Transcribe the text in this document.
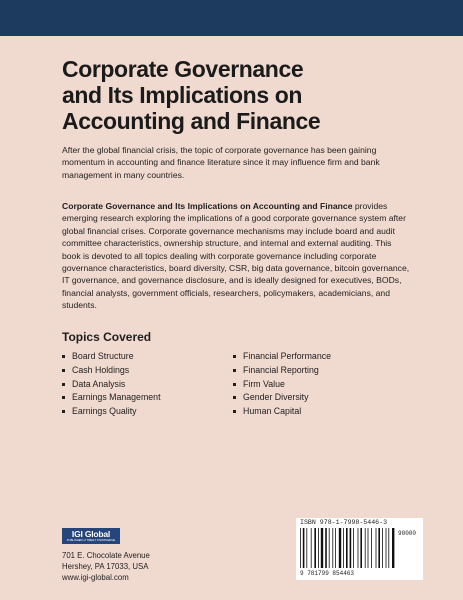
Corporate Governance
and Its Implications on
Accounting and Finance

After the global financial crisis, the topic of corporate governance has been gaining momentum in accounting and finance literature since it may influence firm and bank management in many countries.

Corporate Governance and Its Implications on Accounting and Finance provides emerging research exploring the implications of a good corporate governance system after global financial crises. Corporate governance mechanisms may include board and audit committee characteristics, ownership structure, and internal and external auditing. This book is devoted to all topics dealing with corporate governance including corporate governance characteristics, board diversity, CSR, big data governance, bitcoin governance, IT governance, and governance disclosure, and is ideally designed for executives, BODs, financial analysts, government officials, researchers, policymakers, academicians, and students.

Topics Covered
Board Structure
Cash Holdings
Data Analysis
Earnings Management
Earnings Quality
Financial Performance
Financial Reporting
Firm Value
Gender Diversity
Human Capital
IGI Global
PUBLISHER of TIMELY KNOWLEDGE
701 E. Chocolate Avenue
Hershey, PA 17033, USA
www.igi-global.com
ISBN 978-1-7998-5446-3
90000
9 781799 854463
